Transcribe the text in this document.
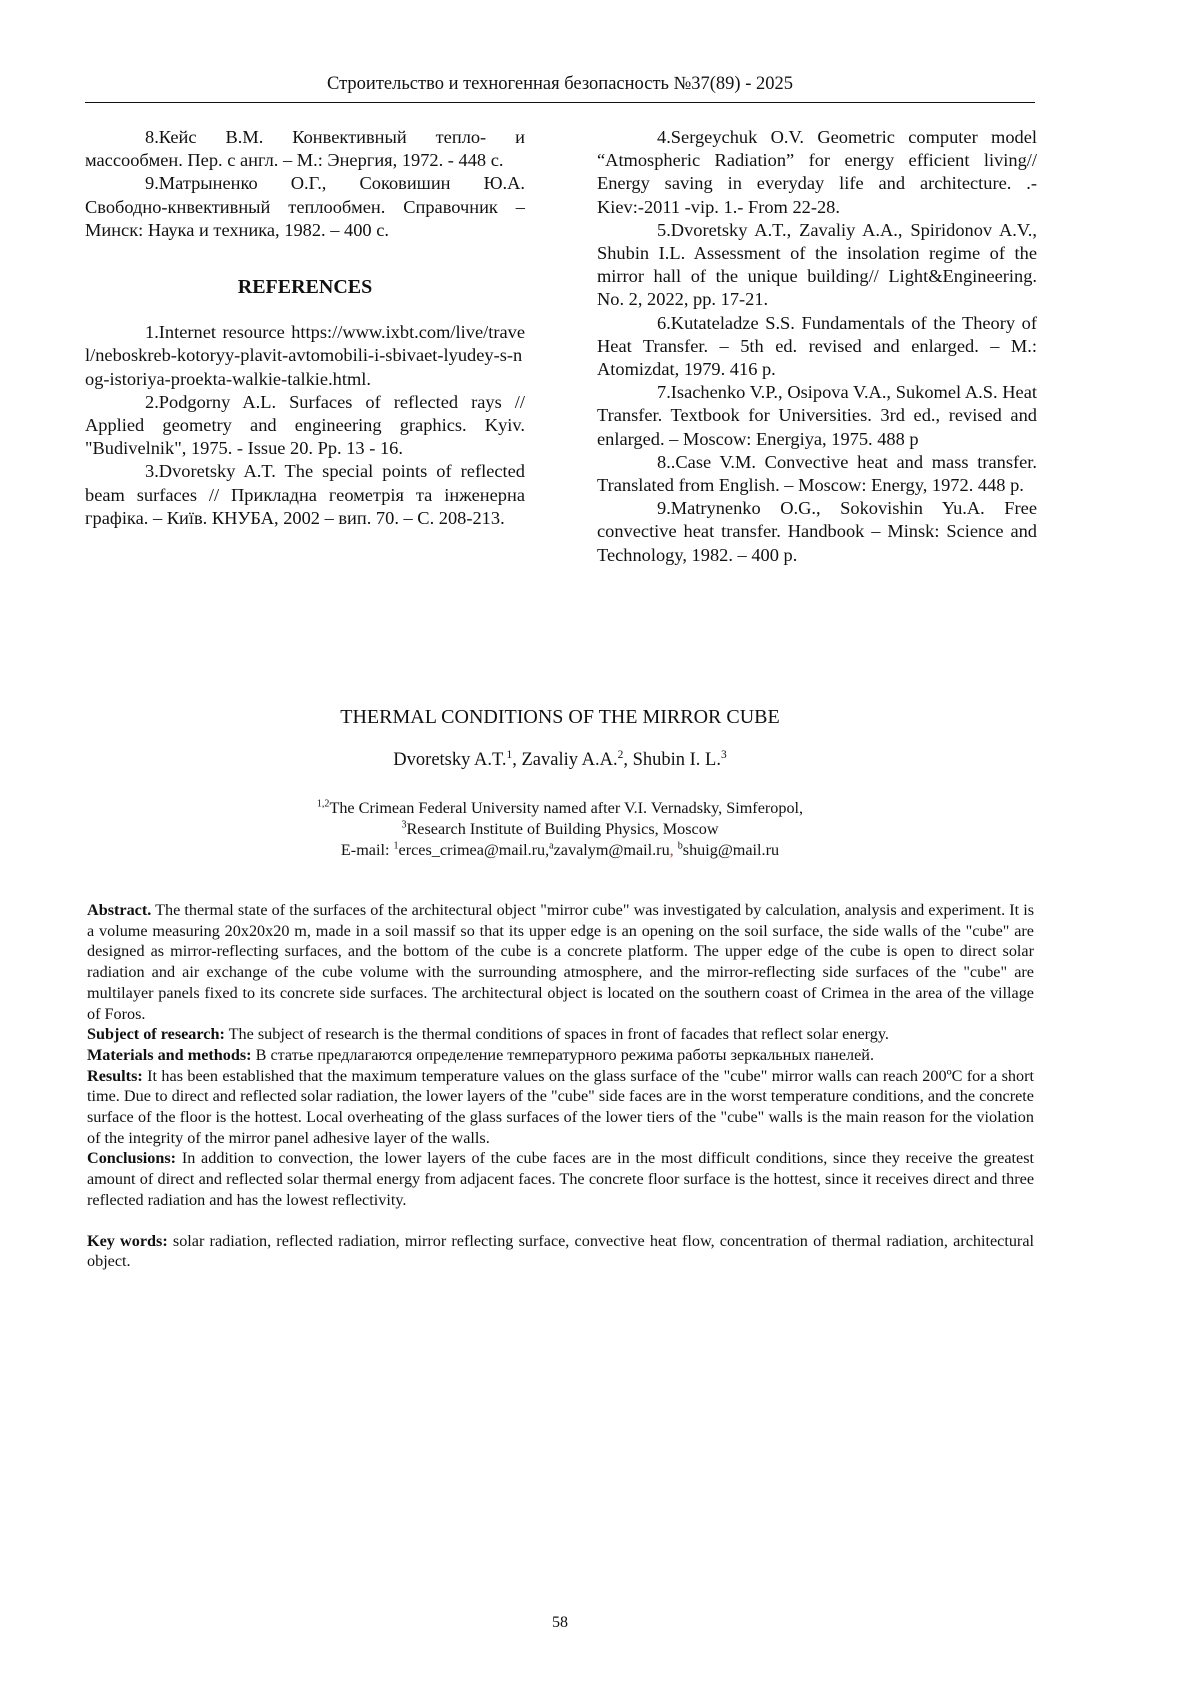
Строительство и техногенная безопасность №37(89) - 2025

8.Кейс В.М. Конвективный тепло- и массообмен. Пер. с англ. – М.: Энергия, 1972. - 448 с.

9.Матрыненко О.Г., Соковишин Ю.А. Свободно-кнвективный теплообмен. Справочник – Минск: Наука и техника, 1982. – 400 с.

REFERENCES

1.Internet resource https://www.ixbt.com/live/travel/neboskreb-kotoryy-plavit-avtomobili-i-sbivaet-lyudey-s-nog-istoriya-proekta-walkie-talkie.html.

2.Podgorny A.L. Surfaces of reflected rays // Applied geometry and engineering graphics. Kyiv. "Budivelnik", 1975. - Issue 20. Pp. 13 - 16.

3.Dvoretsky A.T. The special points of reflected beam surfaces // Прикладна геометрія та інженерна графіка. – Київ. КНУБА, 2002 – вип. 70. – С. 208-213.

4.Sergeychuk O.V. Geometric computer model “Atmospheric Radiation” for energy efficient living// Energy saving in everyday life and architecture. .- Kiev:-2011 -vip. 1.- From 22-28.

5.Dvoretsky A.T., Zavaliy A.A., Spiridonov A.V., Shubin I.L. Assessment of the insolation regime of the mirror hall of the unique building// Light&Engineering. No. 2, 2022, pp. 17-21.

6.Kutateladze S.S. Fundamentals of the Theory of Heat Transfer. – 5th ed. revised and enlarged. – M.: Atomizdat, 1979. 416 p.

7.Isachenko V.P., Osipova V.A., Sukomel A.S. Heat Transfer. Textbook for Universities. 3rd ed., revised and enlarged. – Moscow: Energiya, 1975. 488 p

8..Case V.M. Convective heat and mass transfer. Translated from English. – Moscow: Energy, 1972. 448 p.

9.Matrynenko O.G., Sokovishin Yu.A. Free convective heat transfer. Handbook – Minsk: Science and Technology, 1982. – 400 p.

THERMAL CONDITIONS OF THE MIRROR CUBE
Dvoretsky A.T.$^1$, Zavaliy A.A.$^2$, Shubin I. L.$^3$
$^{1,2}$The Crimean Federal University named after V.I. Vernadsky, Simferopol,
$^3$Research Institute of Building Physics, Moscow
E-mail: $^1$erces_crimea@mail.ru,$^a$zavalym@mail.ru, $^b$shuig@mail.ru

Abstract. The thermal state of the surfaces of the architectural object "mirror cube" was investigated by calculation, analysis and experiment. It is a volume measuring 20x20x20 m, made in a soil massif so that its upper edge is an opening on the soil surface, the side walls of the "cube" are designed as mirror-reflecting surfaces, and the bottom of the cube is a concrete platform. The upper edge of the cube is open to direct solar radiation and air exchange of the cube volume with the surrounding atmosphere, and the mirror-reflecting side surfaces of the "cube" are multilayer panels fixed to its concrete side surfaces. The architectural object is located on the southern coast of Crimea in the area of the village of Foros.

Subject of research: The subject of research is the thermal conditions of spaces in front of facades that reflect solar energy.

Materials and methods: В статье предлагаются определение температурного режима работы зеркальных панелей.

Results: It has been established that the maximum temperature values on the glass surface of the "cube" mirror walls can reach 200ºC for a short time. Due to direct and reflected solar radiation, the lower layers of the "cube" side faces are in the worst temperature conditions, and the concrete surface of the floor is the hottest. Local overheating of the glass surfaces of the lower tiers of the "cube" walls is the main reason for the violation of the integrity of the mirror panel adhesive layer of the walls.

Conclusions: In addition to convection, the lower layers of the cube faces are in the most difficult conditions, since they receive the greatest amount of direct and reflected solar thermal energy from adjacent faces. The concrete floor surface is the hottest, since it receives direct and three reflected radiation and has the lowest reflectivity.

Key words: solar radiation, reflected radiation, mirror reflecting surface, convective heat flow, concentration of thermal radiation, architectural object.

58
